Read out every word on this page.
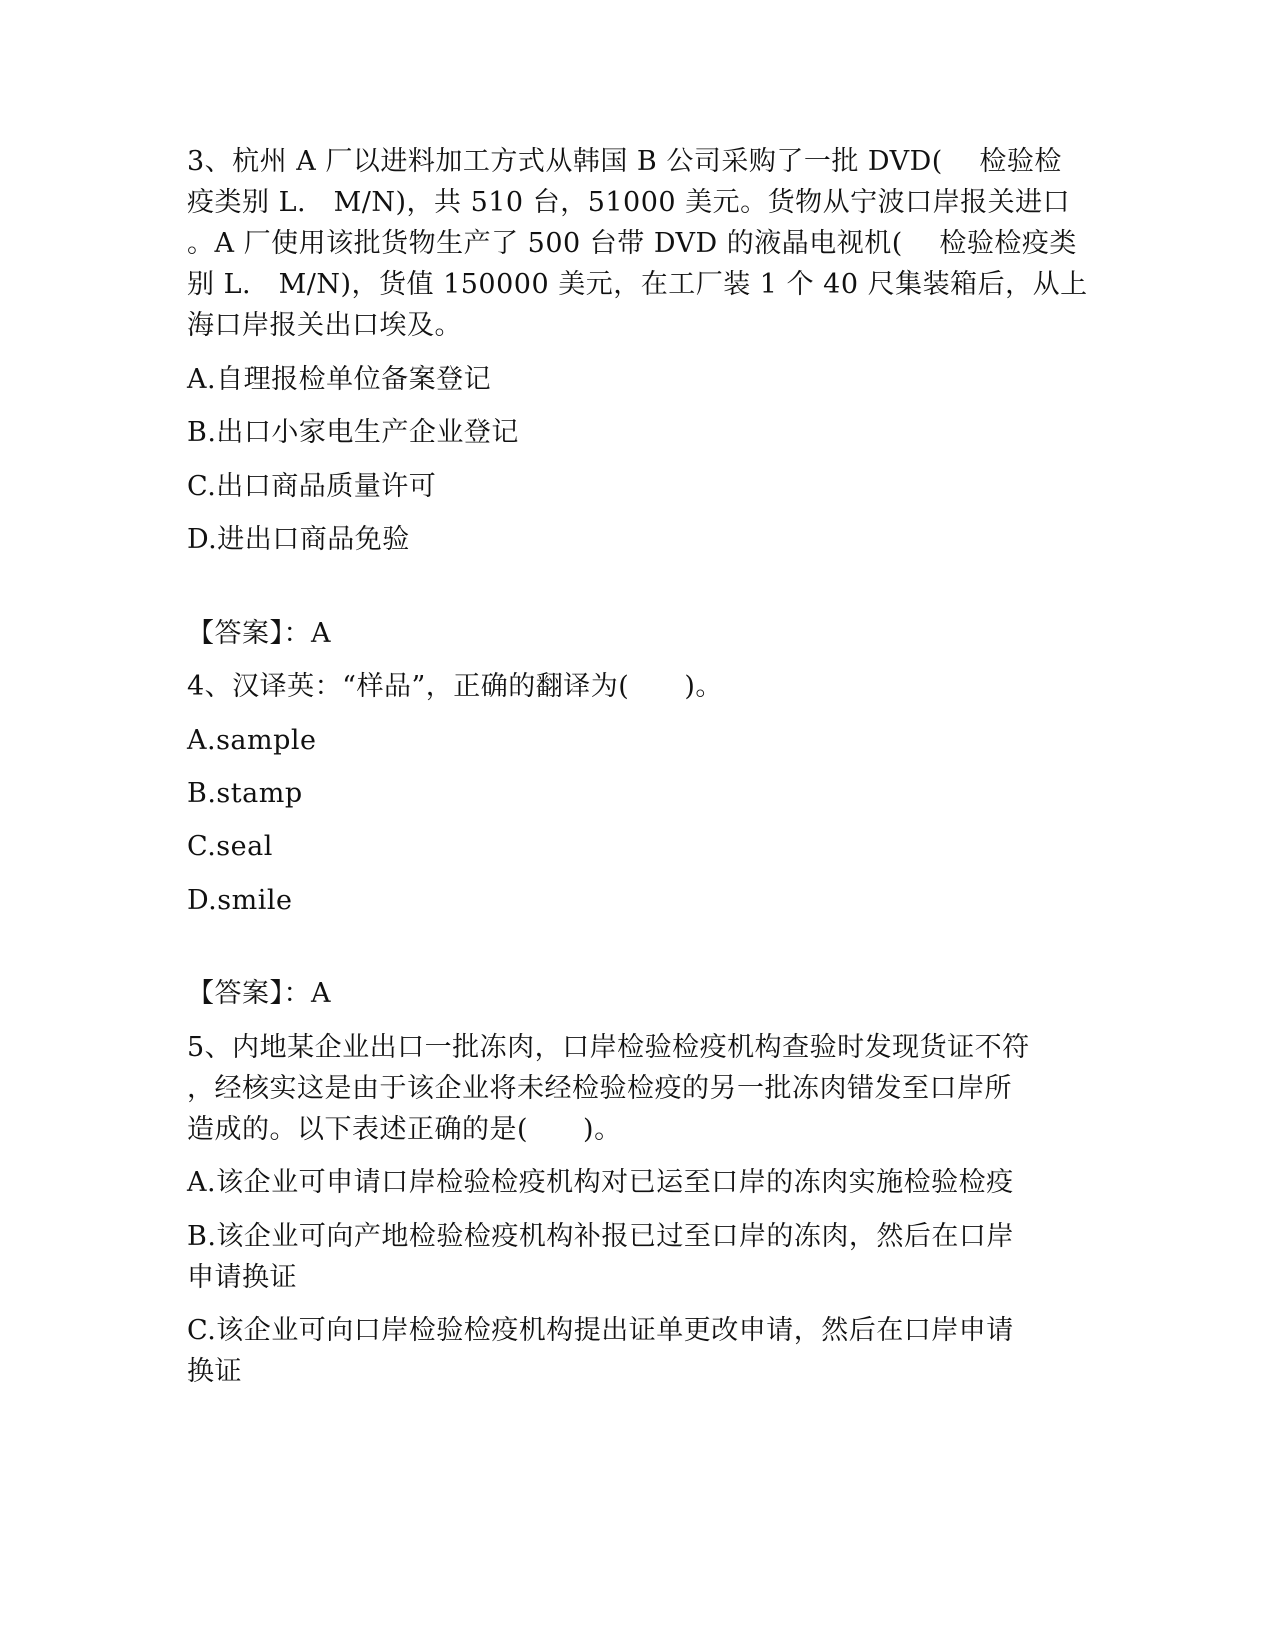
3、杭州 A 厂以进料加工方式从韩国 B 公司采购了一批 DVD(　 检验检
疫类别 L.　M/N)，共 510 台，51000 美元。货物从宁波口岸报关进口
。A 厂使用该批货物生产了 500 台带 DVD 的液晶电视机(　 检验检疫类
别 L.　M/N)，货值 150000 美元，在工厂装 1 个 40 尺集装箱后，从上
海口岸报关出口埃及。
A.自理报检单位备案登记
B.出口小家电生产企业登记
C.出口商品质量许可
D.进出口商品免验
【答案】：A
4、汉译英：“样品”，正确的翻译为(　　)。
A.sample
B.stamp
C.seal
D.smile
【答案】：A
5、内地某企业出口一批冻肉，口岸检验检疫机构查验时发现货证不符
，经核实这是由于该企业将未经检验检疫的另一批冻肉错发至口岸所
造成的。以下表述正确的是(　　)。
A.该企业可申请口岸检验检疫机构对已运至口岸的冻肉实施检验检疫
B.该企业可向产地检验检疫机构补报已过至口岸的冻肉，然后在口岸
申请换证
C.该企业可向口岸检验检疫机构提出证单更改申请，然后在口岸申请
换证
